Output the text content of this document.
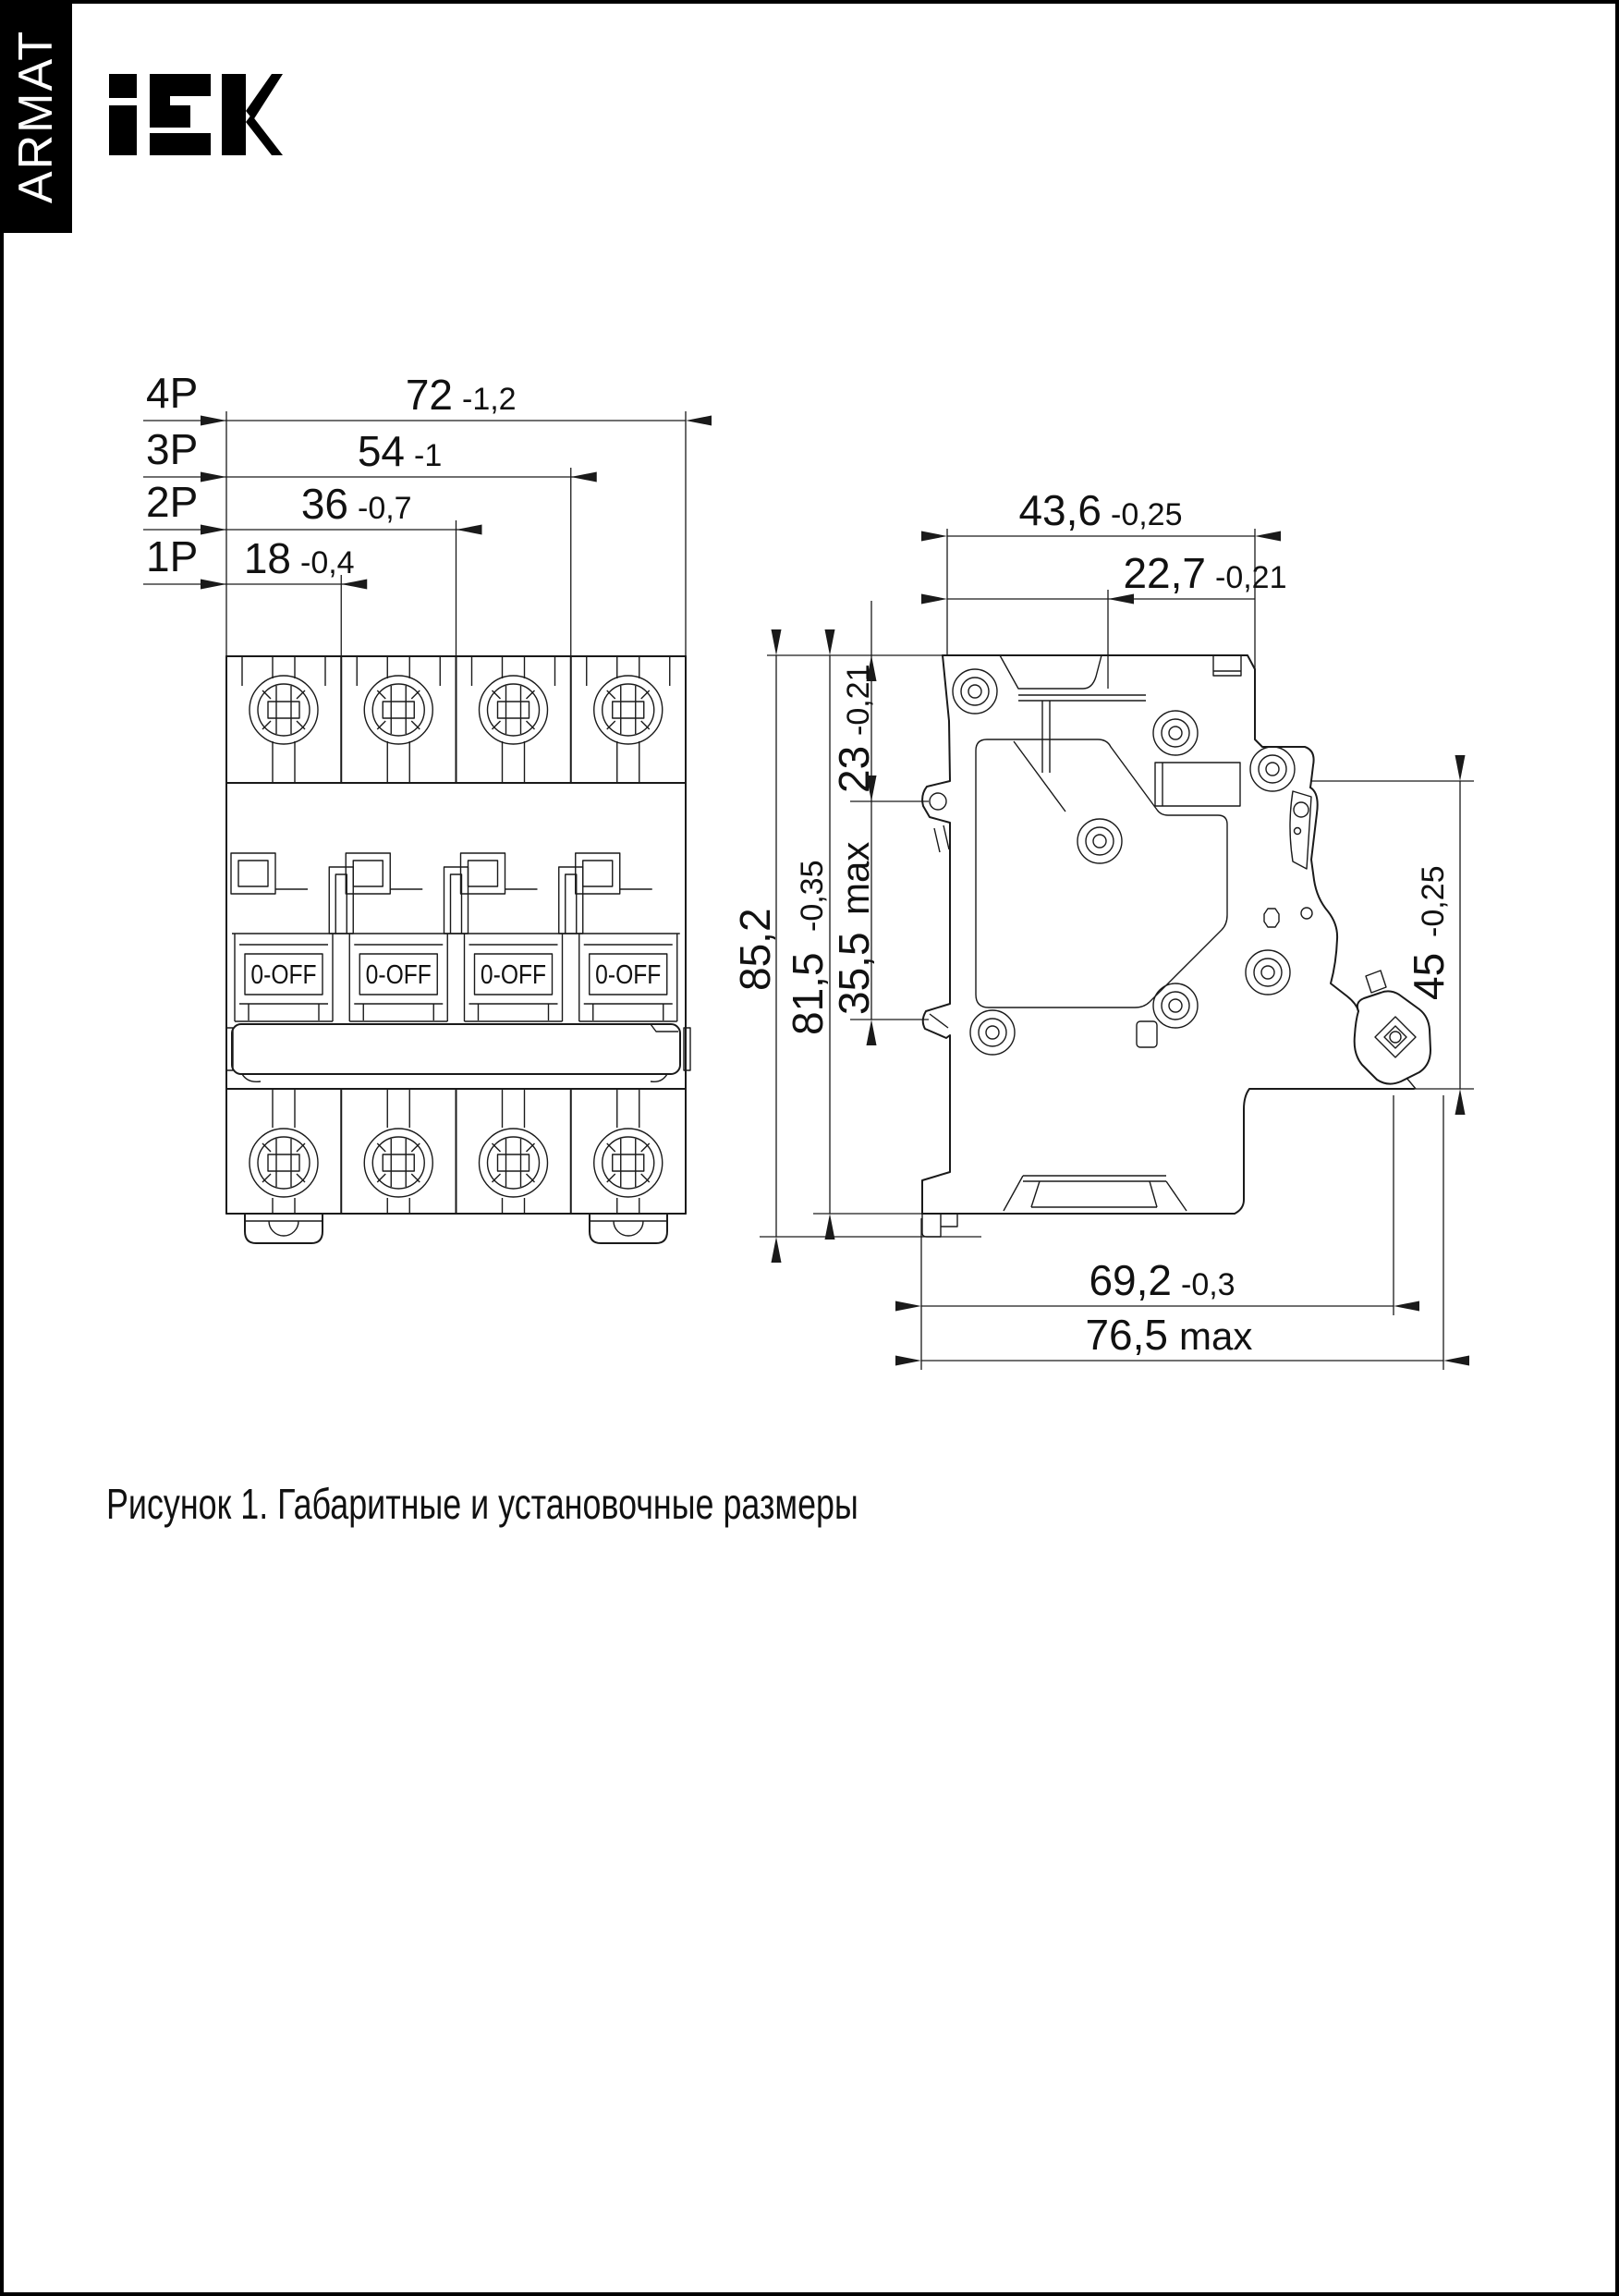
ARMAT
4P	72 -1,2
3P	54 -1
2P 36 -0,7
1P 18 -0,4
0-OFF 0-OFF 0-OFF 0-OFF
43,6 -0,25
22,7 -0,21
23
-0,21
35,5
max
81,5
-0,35
85,2	45
-0,25
69,2 -0,3
76,5 max
Рисунок 1. Габаритные и установочные размеры
